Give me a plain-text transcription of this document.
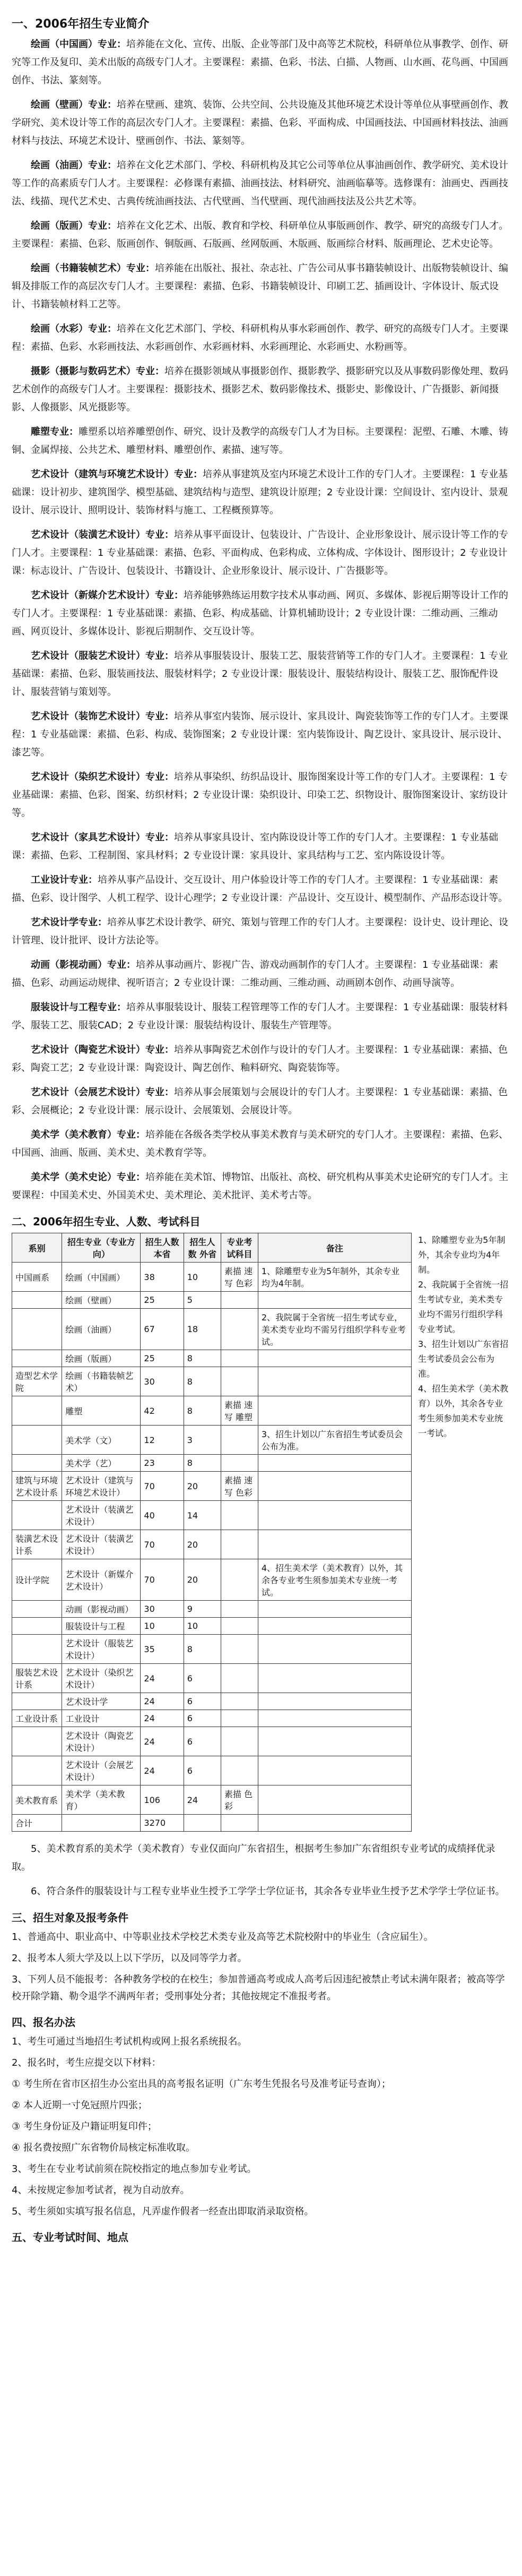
一、2006年招生专业简介
绘画（中国画）专业：培养能在文化、宣传、出版、企业等部门及中高等艺术院校，科研单位从事教学、创作、研究等工作及复印、美术出版的高级专门人才。主要课程：素描、色彩、书法、白描、人物画、山水画、花鸟画、中国画创作、书法、篆刻等。
绘画（壁画）专业：培养在壁画、建筑、装饰、公共空间、公共设施及其他环境艺术设计等单位从事壁画创作、教学研究、美术设计等工作的高层次专门人才。主要课程：素描、色彩、平面构成、中国画技法、中国画材料技法、油画材料与技法、环境艺术设计、壁画创作、书法、篆刻等。
绘画（油画）专业：培养在文化艺术部门、学校、科研机构及其它公司等单位从事油画创作、教学研究、美术设计等工作的高素质专门人才。主要课程：必修课有素描、油画技法、材料研究、油画临摹等。选修课有：油画史、西画技法、线描、现代艺术史、古典传统油画技法、古代壁画、当代壁画、现代油画技法及公共艺术等。
绘画（版画）专业：培养在文化艺术、出版、教育和学校、科研单位从事版画创作、教学、研究的高级专门人才。主要课程：素描、色彩、版画创作、铜版画、石版画、丝网版画、木版画、版画综合材料、版画理论、艺术史论等。
绘画（书籍装帧艺术）专业：培养能在出版社、报社、杂志社、广告公司从事书籍装帧设计、出版物装帧设计、编辑及排版工作的高层次专门人才。主要课程：素描、色彩、书籍装帧设计、印刷工艺、插画设计、字体设计、版式设计、书籍装帧材料工艺等。
绘画（水彩）专业：培养在文化艺术部门、学校、科研机构从事水彩画创作、教学、研究的高级专门人才。主要课程：素描、色彩、水彩画技法、水彩画创作、水彩画材料、水彩画理论、水彩画史、水粉画等。
摄影（摄影与数码艺术）专业：培养在摄影领域从事摄影创作、摄影教学、摄影研究以及从事数码影像处理、数码艺术创作的高级专门人才。主要课程：摄影技术、摄影艺术、数码影像技术、摄影史、影像设计、广告摄影、新闻摄影、人像摄影、风光摄影等。
雕塑专业：雕塑系以培养雕塑创作、研究、设计及教学的高级专门人才为目标。主要课程：泥塑、石雕、木雕、铸铜、金属焊接、公共艺术、雕塑材料、雕塑创作、素描、速写等。
艺术设计（建筑与环境艺术设计）专业：培养从事建筑及室内环境艺术设计工作的专门人才。主要课程：1 专业基础课：设计初步、建筑图学、模型基础、建筑结构与造型、建筑设计原理；2 专业设计课：空间设计、室内设计、景观设计、展示设计、照明设计、装饰材料与施工、工程概预算等。
艺术设计（装潢艺术设计）专业：培养从事平面设计、包装设计、广告设计、企业形象设计、展示设计等工作的专门人才。主要课程：1 专业基础课：素描、色彩、平面构成、色彩构成、立体构成、字体设计、图形设计；2 专业设计课：标志设计、广告设计、包装设计、书籍设计、企业形象设计、展示设计、广告摄影等。
艺术设计（新媒介艺术设计）专业：培养能够熟练运用数字技术从事动画、网页、多媒体、影视后期等设计工作的专门人才。主要课程：1 专业基础课：素描、色彩、构成基础、计算机辅助设计；2 专业设计课：二维动画、三维动画、网页设计、多媒体设计、影视后期制作、交互设计等。
艺术设计（服装艺术设计）专业：培养从事服装设计、服装工艺、服装营销等工作的专门人才。主要课程：1 专业基础课：素描、色彩、服装画技法、服装材料学；2 专业设计课：服装设计、服装结构设计、服装工艺、服饰配件设计、服装营销与策划等。
艺术设计（装饰艺术设计）专业：培养从事室内装饰、展示设计、家具设计、陶瓷装饰等工作的专门人才。主要课程：1 专业基础课：素描、色彩、构成、装饰图案；2 专业设计课：室内装饰设计、陶艺设计、家具设计、展示设计、漆艺等。
艺术设计（染织艺术设计）专业：培养从事染织、纺织品设计、服饰图案设计等工作的专门人才。主要课程：1 专业基础课：素描、色彩、图案、纺织材料；2 专业设计课：染织设计、印染工艺、织物设计、服饰图案设计、家纺设计等。
艺术设计（家具艺术设计）专业：培养从事家具设计、室内陈设设计等工作的专门人才。主要课程：1 专业基础课：素描、色彩、工程制图、家具材料；2 专业设计课：家具设计、家具结构与工艺、室内陈设设计等。
工业设计专业：培养从事产品设计、交互设计、用户体验设计等工作的专门人才。主要课程：1 专业基础课：素描、色彩、设计图学、人机工程学、设计心理学；2 专业设计课：产品设计、交互设计、模型制作、产品形态设计等。
艺术设计学专业：培养从事艺术设计教学、研究、策划与管理工作的专门人才。主要课程：设计史、设计理论、设计管理、设计批评、设计方法论等。
动画（影视动画）专业：培养从事动画片、影视广告、游戏动画制作的专门人才。主要课程：1 专业基础课：素描、色彩、动画运动规律、视听语言；2 专业设计课：二维动画、三维动画、动画剧本创作、动画导演等。
服装设计与工程专业：培养从事服装设计、服装工程管理等工作的专门人才。主要课程：1 专业基础课：服装材料学、服装工艺、服装CAD；2 专业设计课：服装结构设计、服装生产管理等。
艺术设计（陶瓷艺术设计）专业：培养从事陶瓷艺术创作与设计的专门人才。主要课程：1 专业基础课：素描、色彩、陶瓷工艺；2 专业设计课：陶瓷设计、陶艺创作、釉料研究、陶瓷装饰等。
艺术设计（会展艺术设计）专业：培养从事会展策划与会展设计的专门人才。主要课程：1 专业基础课：素描、色彩、会展概论；2 专业设计课：展示设计、会展策划、会展设计等。
美术学（美术教育）专业：培养能在各级各类学校从事美术教育与美术研究的专门人才。主要课程：素描、色彩、中国画、油画、版画、美术史、美术教育学等。
美术学（美术史论）专业：培养能在美术馆、博物馆、出版社、高校、研究机构从事美术史论研究的专门人才。主要课程：中国美术史、外国美术史、美术理论、美术批评、美术考古等。
二、2006年招生专业、人数、考试科目
系别	招生专业（专业方向）	招生人数 本省	招生人数 外省	专业考试科目	备注
中国画系	绘画（中国画）	38	10	素描 速写 色彩	1、除雕塑专业为5年制外，其余专业均为4年制。
	绘画（壁画）	25	5		
	绘画（油画）	67	18		2、我院属于全省统一招生考试专业，美术类专业均不需另行组织学科专业考试。
	绘画（版画）	25	8		
造型艺术学院	绘画（书籍装帧艺术）	30	8		
	雕塑	42	8	素描 速写 雕塑	
	美术学（文）	12	3		3、招生计划以广东省招生考试委员会公布为准。
	美术学（艺）	23	8		
建筑与环境艺术设计系	艺术设计（建筑与环境艺术设计）	70	20	素描 速写 色彩	
	艺术设计（装潢艺术设计）	40	14		
装潢艺术设计系	艺术设计（装潢艺术设计）	70	20		
设计学院	艺术设计（新媒介艺术设计）	70	20		4、招生美术学（美术教育）以外，其余各专业考生须参加美术专业统一考试。
	动画（影视动画）	30	9		
	服装设计与工程	10	10		
	艺术设计（服装艺术设计）	35	8		
服装艺术设计系	艺术设计（染织艺术设计）	24	6		
	艺术设计学	24	6		
工业设计系	工业设计	24	6		
	艺术设计（陶瓷艺术设计）	24	6		
	艺术设计（会展艺术设计）	24	6		
美术教育系	美术学（美术教育）	106	24	素描 色彩	
合计		3270			
1、除雕塑专业为5年制外，其余专业均为4年制。
2、我院属于全省统一招生考试专业，美术类专业均不需另行组织学科专业考试。
3、招生计划以广东省招生考试委员会公布为准。
4、招生美术学（美术教育）以外，其余各专业考生须参加美术专业统一考试。
5、美术教育系的美术学（美术教育）专业仅面向广东省招生，根据考生参加广东省组织专业考试的成绩择优录取。
6、符合条件的服装设计与工程专业毕业生授予工学学士学位证书，其余各专业毕业生授予艺术学学士学位证书。
三、招生对象及报考条件
1、普通高中、职业高中、中等职业技术学校艺术类专业及高等艺术院校附中的毕业生（含应届生）。
2、报考本人须大学及以上以下学历，以及同等学力者。
3、下列人员不能报考：各种教务学校的在校生；参加普通高考或成人高考后因违纪被禁止考试未满年限者；被高等学校开除学籍、勒令退学不满两年者；受刑事处分者；其他按规定不准报考者。
四、报名办法
1、考生可通过当地招生考试机构或网上报名系统报名。
2、报名时，考生应提交以下材料：
① 考生所在省市区招生办公室出具的高考报名证明（广东考生凭报名号及准考证号查询）；
② 本人近期一寸免冠照片四张；
③ 考生身份证及户籍证明复印件；
④ 报名费按照广东省物价局核定标准收取。
3、考生在专业考试前须在院校指定的地点参加专业考试。
4、未按规定参加考试者，视为自动放弃。
5、考生须如实填写报名信息，凡弄虚作假者一经查出即取消录取资格。
五、专业考试时间、地点
